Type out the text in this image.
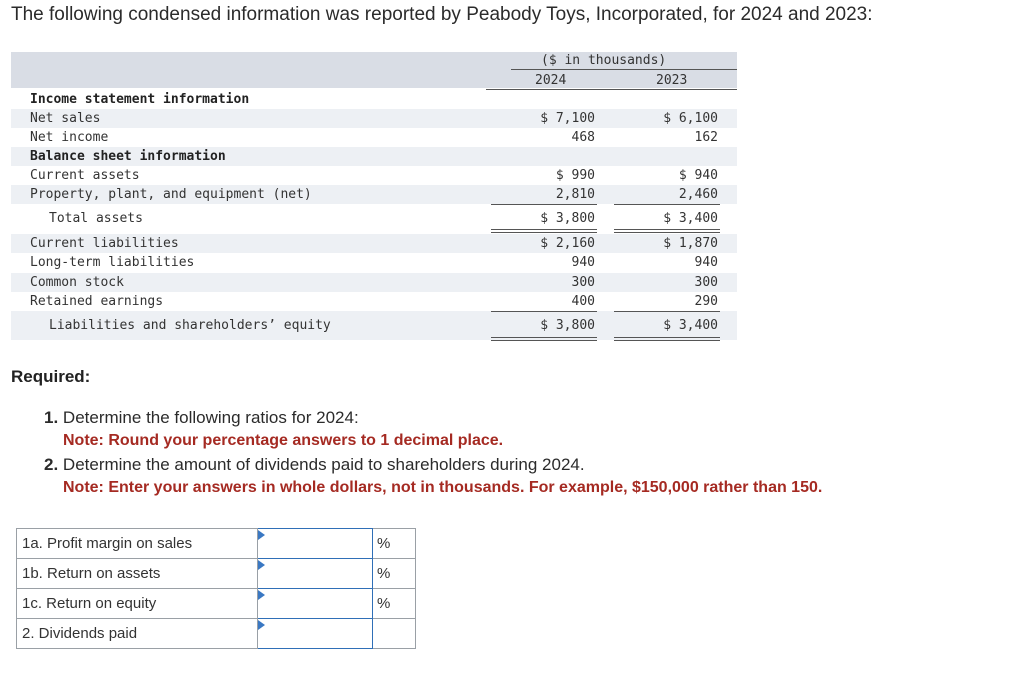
The following condensed information was reported by Peabody Toys, Incorporated, for 2024 and 2023:
($ in thousands)
2024	2023
Income statement information
Net sales	$ 7,100	$ 6,100
Net income	468	162
Balance sheet information
Current assets	$ 990	$ 940
Property, plant, and equipment (net)	2,810	2,460
Total assets	$ 3,800	$ 3,400
Current liabilities	$ 2,160	$ 1,870
Long-term liabilities	940	940
Common stock	300	300
Retained earnings	400	290
Liabilities and shareholders’ equity	$ 3,800	$ 3,400
Required:
1. Determine the following ratios for 2024:
Note: Round your percentage answers to 1 decimal place.
2. Determine the amount of dividends paid to shareholders during 2024.
Note: Enter your answers in whole dollars, not in thousands. For example, $150,000 rather than 150.
1a. Profit margin on sales		%
1b. Return on assets		%
1c. Return on equity		%
2. Dividends paid	
